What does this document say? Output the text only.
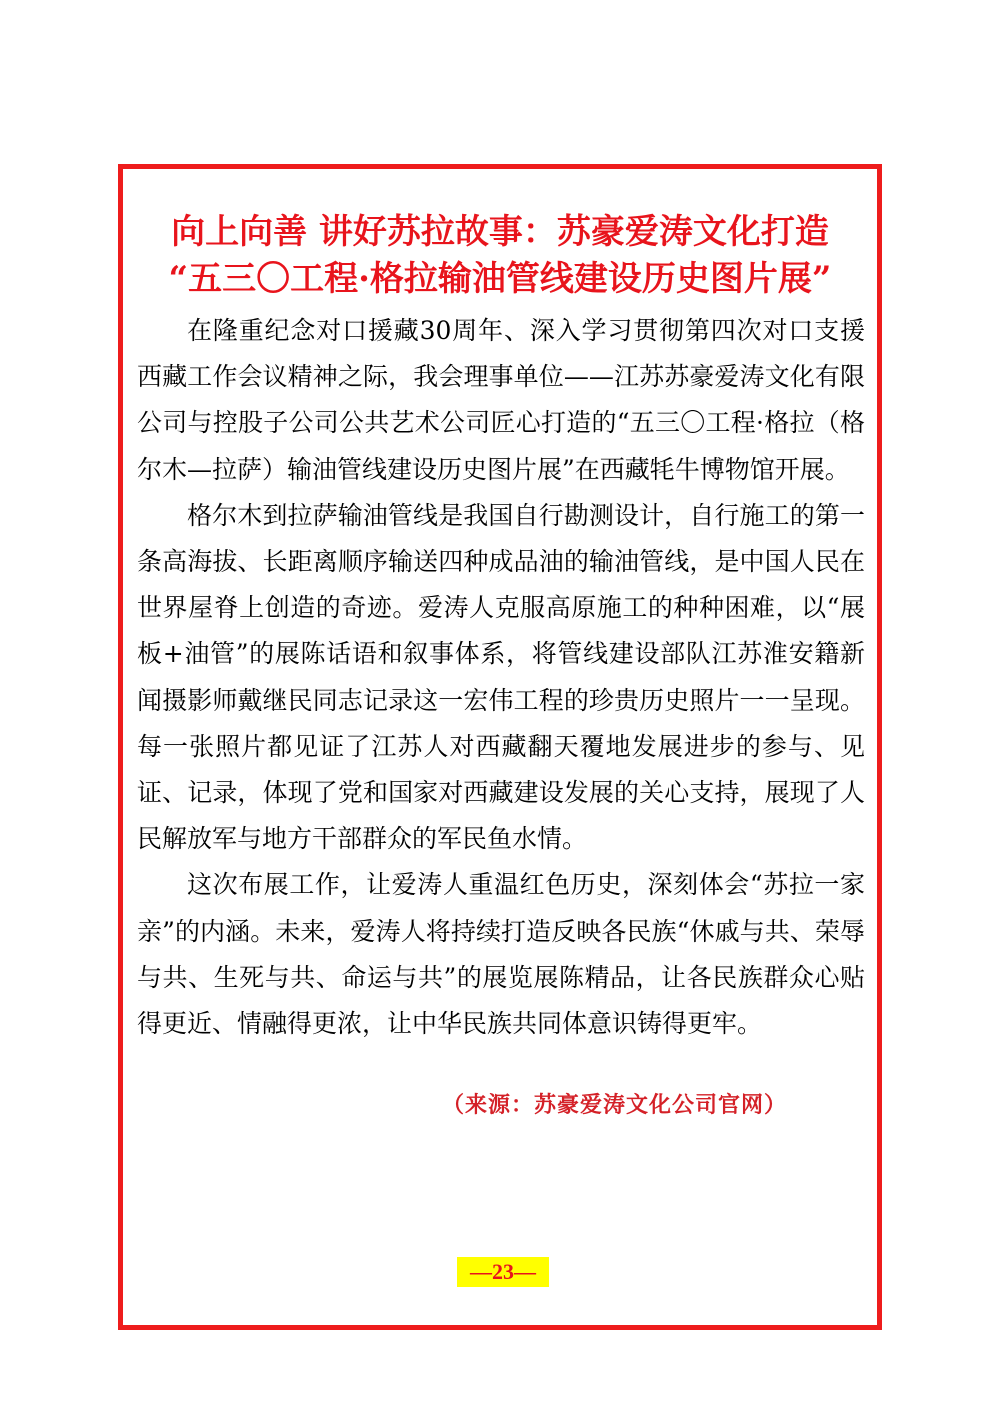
向上向善 讲好苏拉故事：苏豪爱涛文化打造
“五三〇工程·格拉输油管线建设历史图片展”

在隆重纪念对口援藏30周年、深入学习贯彻第四次对口支援西藏工作会议精神之际，我会理事单位——江苏苏豪爱涛文化有限公司与控股子公司公共艺术公司匠心打造的“五三〇工程·格拉（格尔木—拉萨）输油管线建设历史图片展”在西藏牦牛博物馆开展。

格尔木到拉萨输油管线是我国自行勘测设计，自行施工的第一条高海拔、长距离顺序输送四种成品油的输油管线，是中国人民在世界屋脊上创造的奇迹。爱涛人克服高原施工的种种困难，以“展板+油管”的展陈话语和叙事体系，将管线建设部队江苏淮安籍新闻摄影师戴继民同志记录这一宏伟工程的珍贵历史照片一一呈现。每一张照片都见证了江苏人对西藏翻天覆地发展进步的参与、见证、记录，体现了党和国家对西藏建设发展的关心支持，展现了人民解放军与地方干部群众的军民鱼水情。

这次布展工作，让爱涛人重温红色历史，深刻体会“苏拉一家亲”的内涵。未来，爱涛人将持续打造反映各民族“休戚与共、荣辱与共、生死与共、命运与共”的展览展陈精品，让各民族群众心贴得更近、情融得更浓，让中华民族共同体意识铸得更牢。

（来源：苏豪爱涛文化公司官网）
—23—
